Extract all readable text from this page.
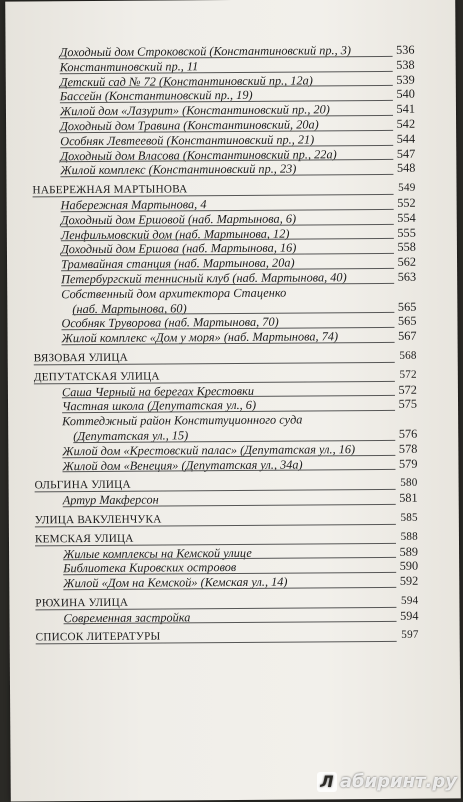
Доходный дом Строковской (Константиновский пр., 3)	536
Константиновский пр., 11	538
Детский сад № 72 (Константиновский пр., 12а)	539
Бассейн (Константиновский пр., 19)	540
Жилой дом «Лазурит» (Константиновский пр., 20)	541
Доходный дом Травина (Константиновский, 20а)	542
Особняк Левтеевой (Константиновский пр., 21)	544
Доходный дом Власова (Константиновский пр., 22а)	547
Жилой комплекс (Константиновский пр., 23)	548
НАБЕРЕЖНАЯ МАРТЫНОВА	549
Набережная Мартынова, 4	552
Доходный дом Ершовой (наб. Мартынова, 6)	554
Ленфильмовский дом (наб. Мартынова, 12)	555
Доходный дом Ершова (наб. Мартынова, 16)	558
Трамвайная станция (наб. Мартынова, 20а)	562
Петербургский теннисный клуб (наб. Мартынова, 40)	563
Собственный дом архитектора Стаценко
(наб. Мартынова, 60)	565
Особняк Труворова (наб. Мартынова, 70)	565
Жилой комплекс «Дом у моря» (наб. Мартынова, 74)	567
ВЯЗОВАЯ УЛИЦА	568
ДЕПУТАТСКАЯ УЛИЦА	572
Саша Черный на берегах Крестовки	572
Частная школа (Депутатская ул., 6)	575
Коттеджный район Конституционного суда
(Депутатская ул., 15)	576
Жилой дом «Крестовский палас» (Депутатская ул., 16)	578
Жилой дом «Венеция» (Депутатская ул., 34а)	579
ОЛЬГИНА УЛИЦА	580
Артур Макферсон	581
УЛИЦА ВАКУЛЕНЧУКА	585
КЕМСКАЯ УЛИЦА	588
Жилые комплексы на Кемской улице	589
Библиотека Кировских островов	590
Жилой «Дом на Кемской» (Кемская ул., 14)	592
РЮХИНА УЛИЦА	594
Современная застройка	594
СПИСОК ЛИТЕРАТУРЫ	597
Л абиринт.ру
